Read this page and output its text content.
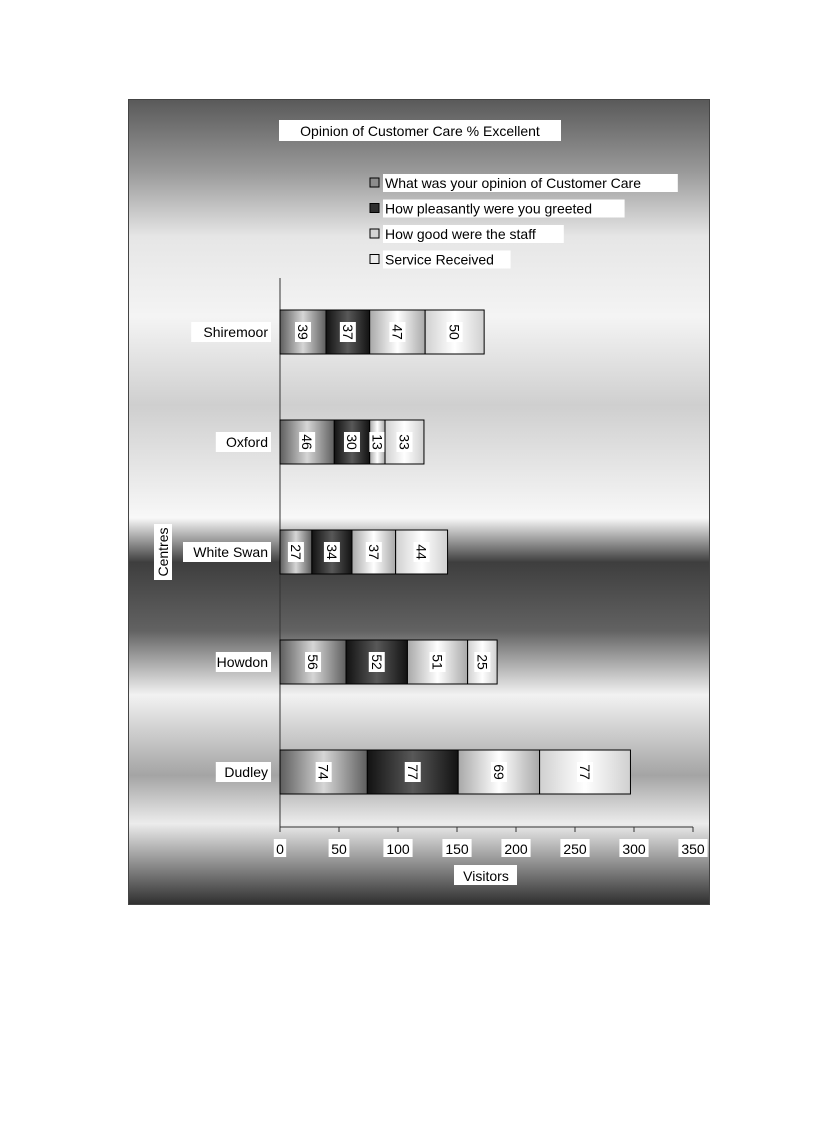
Opinion of Customer Care % Excellent
What was your opinion of Customer Care
How pleasantly were you greeted
How good were the staff
Service Received
Centres
39 37 47	50
46 30 13 33
27 34 37 44
56	52	51 25
74	77	69	77
0	50	100	150	200	250	300	350
Shiremoor
Oxford
White Swan
Howdon
Dudley
Visitors
